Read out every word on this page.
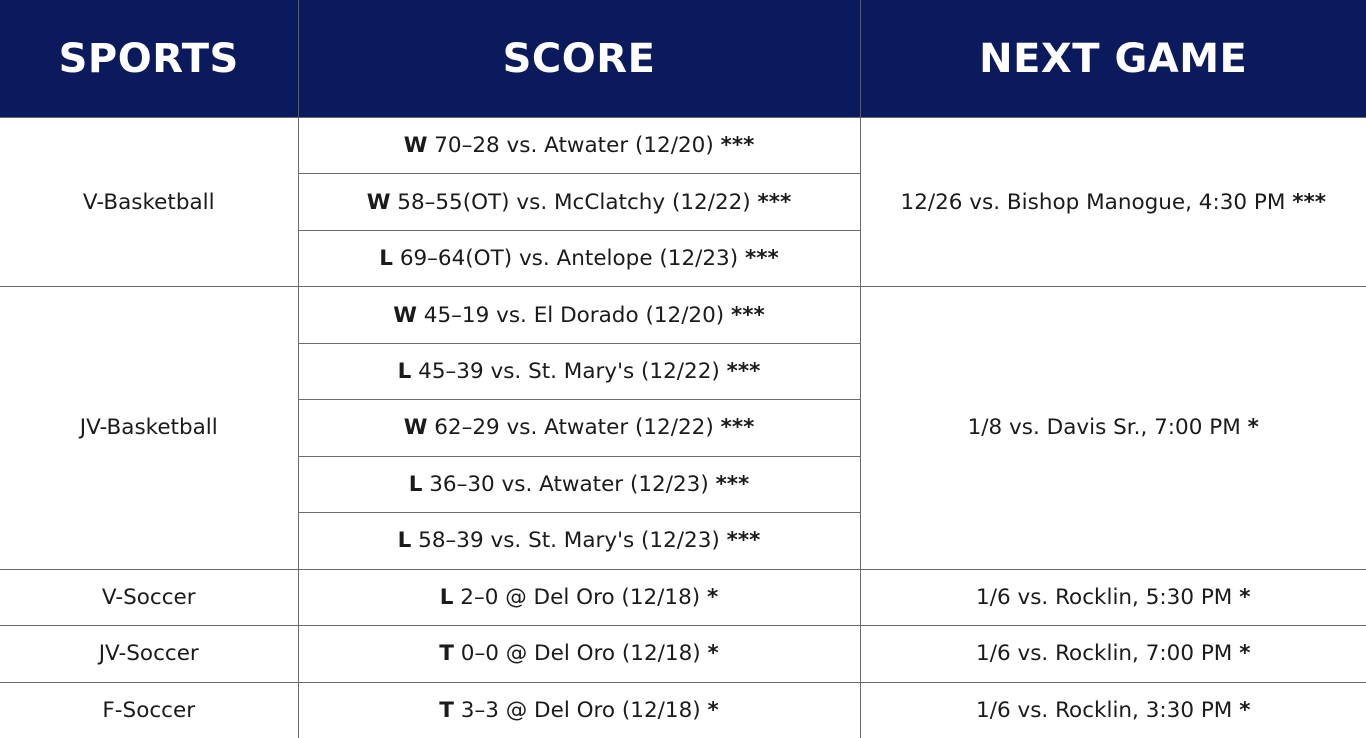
SPORTS	SCORE	NEXT GAME
V-Basketball	W 70–28 vs. Atwater (12/20) ***	12/26 vs. Bishop Manogue, 4:30 PM ***
	W 58–55(OT) vs. McClatchy (12/22) ***	
	L 69–64(OT) vs. Antelope (12/23) ***	
JV-Basketball	W 45–19 vs. El Dorado (12/20) ***	1/8 vs. Davis Sr., 7:00 PM *
	L 45–39 vs. St. Mary's (12/22) ***	
	W 62–29 vs. Atwater (12/22) ***	
	L 36–30 vs. Atwater (12/23) ***	
	L 58–39 vs. St. Mary's (12/23) ***	
V-Soccer	L 2–0 @ Del Oro (12/18) *	1/6 vs. Rocklin, 5:30 PM *
JV-Soccer	T 0–0 @ Del Oro (12/18) *	1/6 vs. Rocklin, 7:00 PM *
F-Soccer	T 3–3 @ Del Oro (12/18) *	1/6 vs. Rocklin, 3:30 PM *
